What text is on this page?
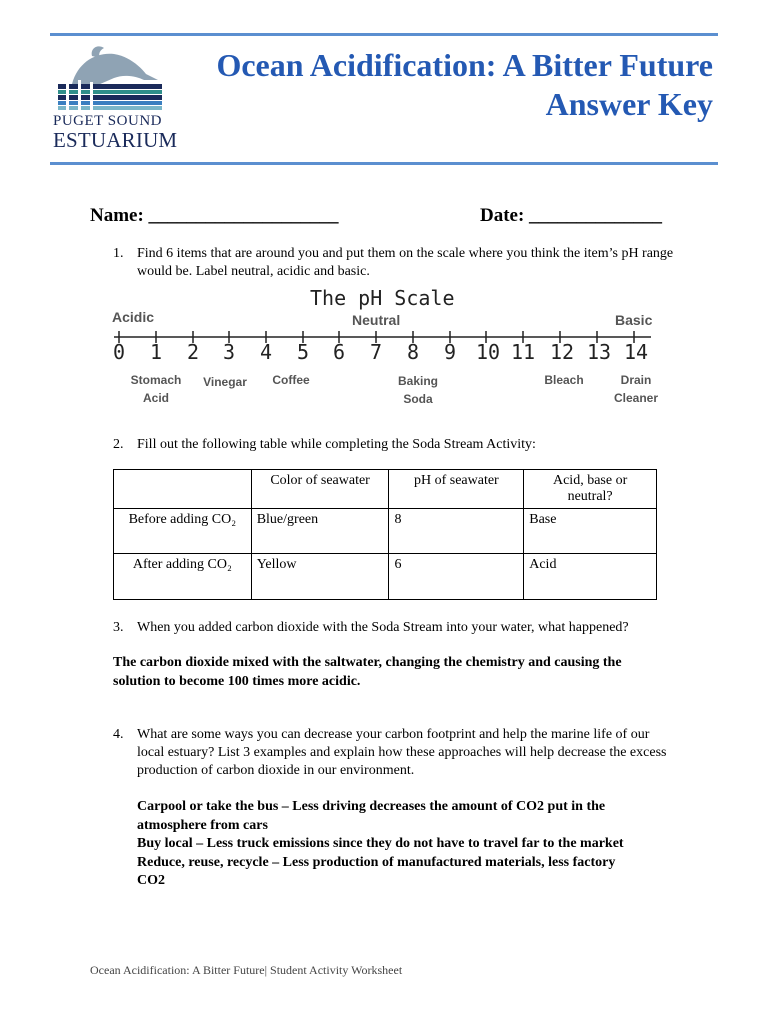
PUGET SOUND
ESTUARIUM
Ocean Acidification: A Bitter Future
Answer Key
Name: ____________________	Date: ______________
1. Find 6 items that are around you and put them on the scale where you think the item’s pH range would be. Label neutral, acidic and basic.
The pH Scale
Acidic	Neutral	Basic
0	1	2	3	4	5	6	7	8	9 10 11 12 13 14
Stomach
Acid
Vinegar	Coffee	Baking
Soda
Bleach	Drain
Cleaner
2. Fill out the following table while completing the Soda Stream Activity:
	Color of seawater	pH of seawater	Acid, base or neutral?
Before adding CO₂	Blue/green	8	Base
After adding CO₂	Yellow	6	Acid
3. When you added carbon dioxide with the Soda Stream into your water, what happened?
The carbon dioxide mixed with the saltwater, changing the chemistry and causing the
solution to become 100 times more acidic.
4. What are some ways you can decrease your carbon footprint and help the marine life of our local estuary? List 3 examples and explain how these approaches will help decrease the excess production of carbon dioxide in our environment.
Carpool or take the bus – Less driving decreases the amount of CO2 put in the
atmosphere from cars
Buy local – Less truck emissions since they do not have to travel far to the market
Reduce, reuse, recycle – Less production of manufactured materials, less factory
CO2
Ocean Acidification: A Bitter Future| Student Activity Worksheet
